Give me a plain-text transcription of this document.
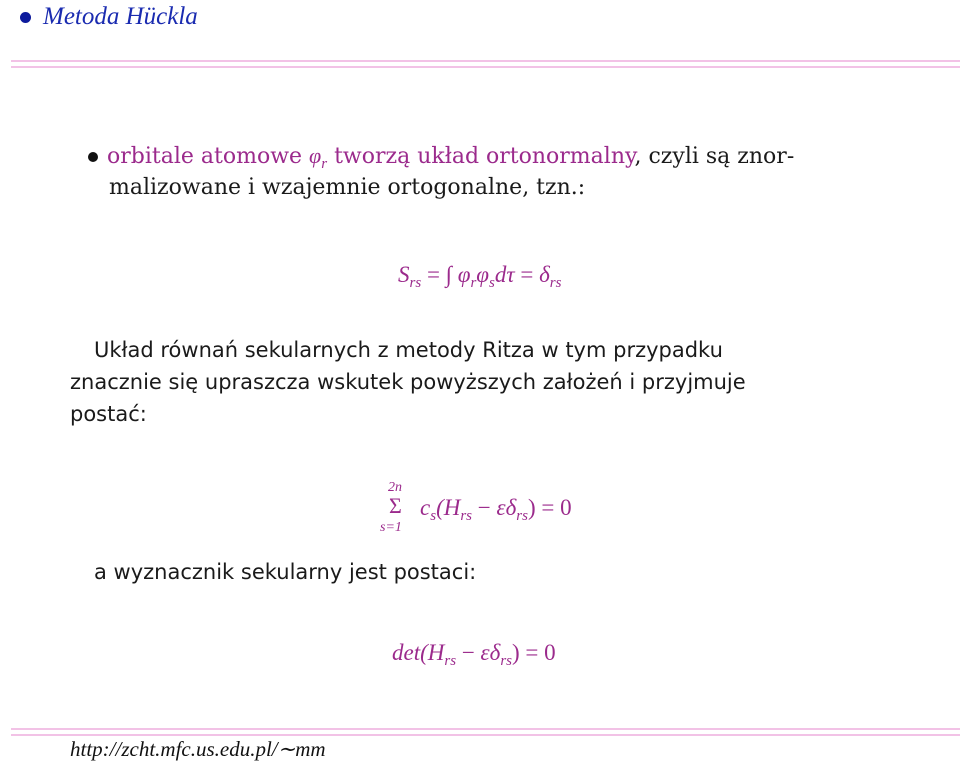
Metoda Hückla
orbitale atomowe $\varphi_r$ tworzą układ ortonormalny, czyli są znor-
malizowane i wzajemnie ortogonalne, tzn.:
$S_{rs}$ = ∫ $\varphi_r\varphi_sd\tau = \delta_{rs}$
Układ równań sekularnych z metody Ritza w tym przypadku
znacznie się upraszcza wskutek powyższych założeń i przyjmuje
postać:
2n
Σ
s=1
$c_s(H_{rs} - \varepsilon\delta_{rs}) = 0$
a wyznacznik sekularny jest postaci:
$\det(H_{rs} - \varepsilon\delta_{rs}) = 0$
http://zcht.mfc.us.edu.pl/∼mm
